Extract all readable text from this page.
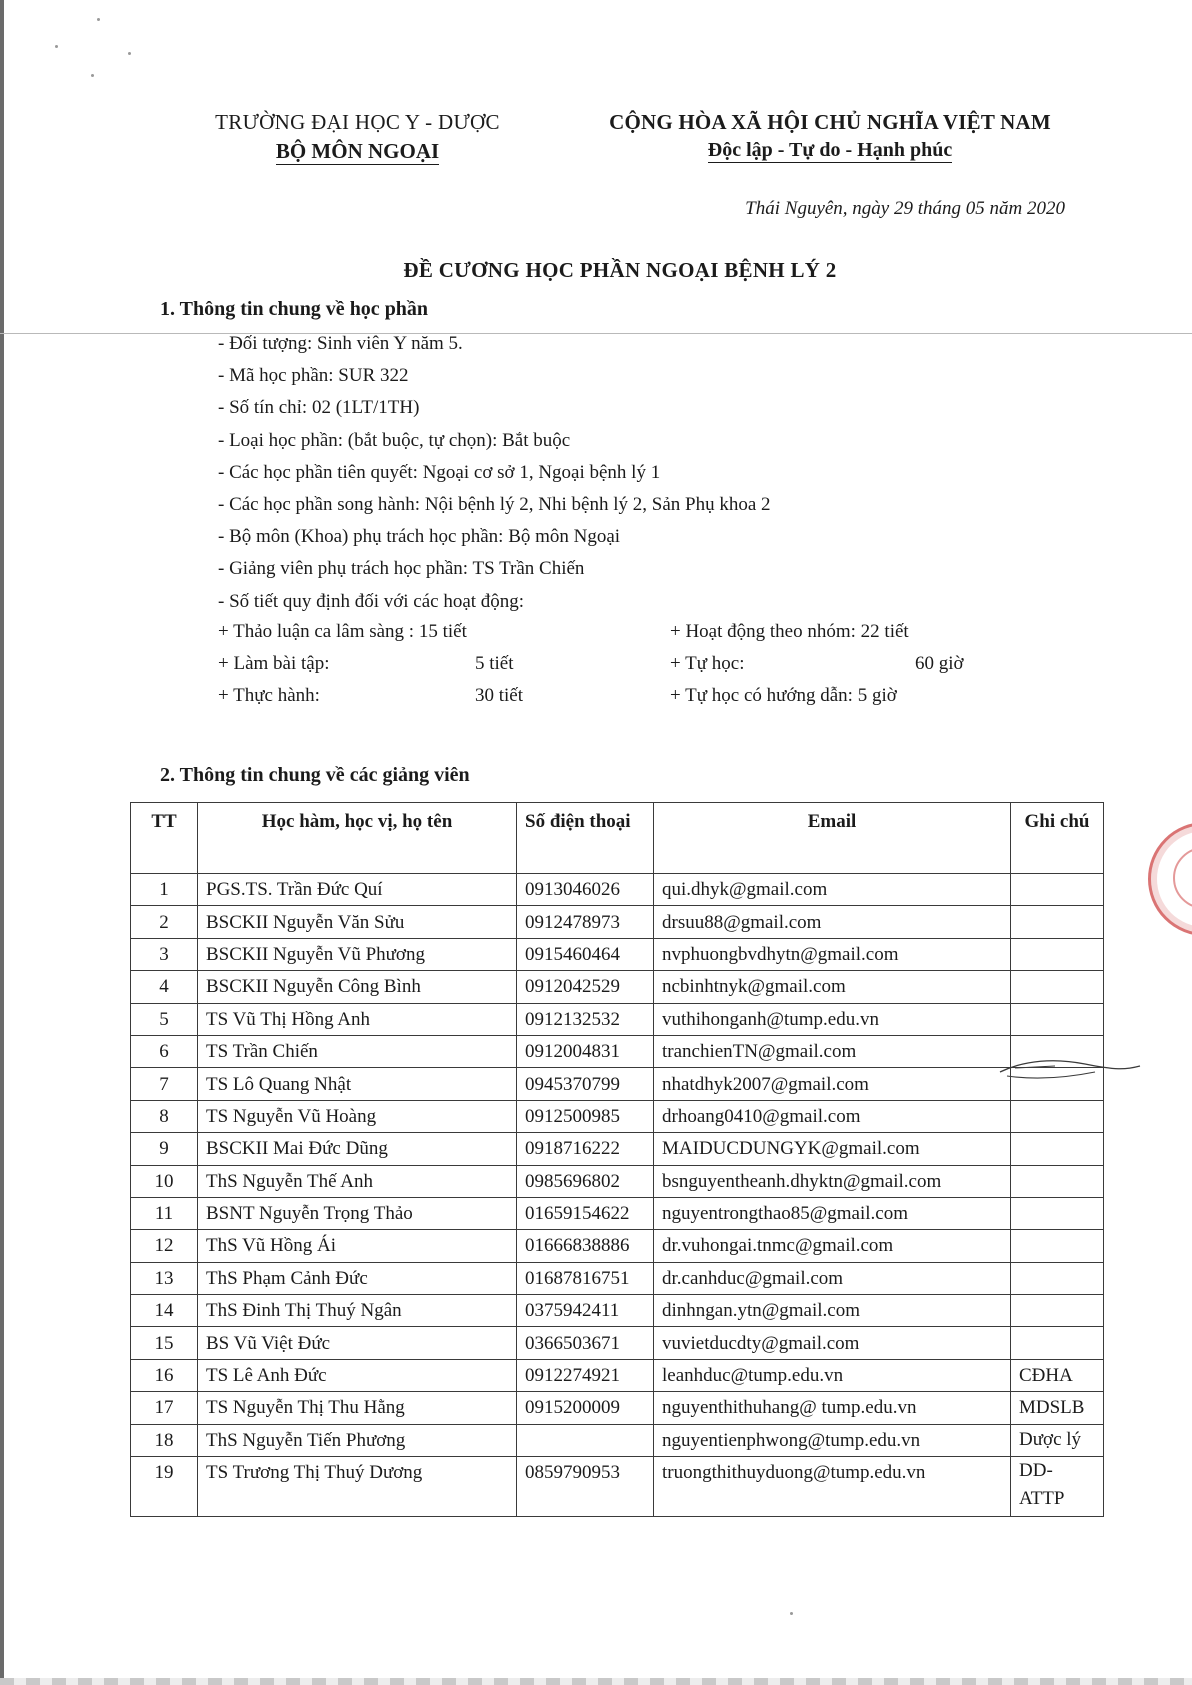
TRƯỜNG ĐẠI HỌC Y - DƯỢC
BỘ MÔN NGOẠI
CỘNG HÒA XÃ HỘI CHỦ NGHĨA VIỆT NAM
Độc lập - Tự do - Hạnh phúc
Thái Nguyên, ngày 29 tháng 05 năm 2020
ĐỀ CƯƠNG HỌC PHẦN NGOẠI BỆNH LÝ 2
1. Thông tin chung về học phần
- Đối tượng: Sinh viên Y năm 5.
- Mã học phần: SUR 322
- Số tín chỉ: 02 (1LT/1TH)
- Loại học phần: (bắt buộc, tự chọn): Bắt buộc
- Các học phần tiên quyết: Ngoại cơ sở 1, Ngoại bệnh lý 1
- Các học phần song hành: Nội bệnh lý 2, Nhi bệnh lý 2, Sản Phụ khoa 2
- Bộ môn (Khoa) phụ trách học phần: Bộ môn Ngoại
- Giảng viên phụ trách học phần: TS Trần Chiến
- Số tiết quy định đối với các hoạt động:
+ Thảo luận ca lâm sàng : 15 tiết	+ Hoạt động theo nhóm: 22 tiết
+ Làm bài tập:	5 tiết	+ Tự học:	60 giờ
+ Thực hành:	30 tiết	+ Tự học có hướng dẫn: 5 giờ
2. Thông tin chung về các giảng viên
TT	Học hàm, học vị, họ tên	Số điện thoại	Email	Ghi chú
1	PGS.TS. Trần Đức Quí	0913046026	qui.dhyk@gmail.com	
2	BSCKII Nguyễn Văn Sửu	0912478973	drsuu88@gmail.com	
3	BSCKII Nguyễn Vũ Phương	0915460464	nvphuongbvdhytn@gmail.com	
4	BSCKII Nguyễn Công Bình	0912042529	ncbinhtnyk@gmail.com	
5	TS Vũ Thị Hồng Anh	0912132532	vuthihonganh@tump.edu.vn	
6	TS Trần Chiến	0912004831	tranchienTN@gmail.com	
7	TS Lô Quang Nhật	0945370799	nhatdhyk2007@gmail.com	
8	TS Nguyễn Vũ Hoàng	0912500985	drhoang0410@gmail.com	
9	BSCKII Mai Đức Dũng	0918716222	MAIDUCDUNGYK@gmail.com	
10	ThS Nguyễn Thế Anh	0985696802	bsnguyentheanh.dhyktn@gmail.com	
11	BSNT Nguyễn Trọng Thảo	01659154622	nguyentrongthao85@gmail.com	
12	ThS Vũ Hồng Ái	01666838886	dr.vuhongai.tnmc@gmail.com	
13	ThS Phạm Cảnh Đức	01687816751	dr.canhduc@gmail.com	
14	ThS Đinh Thị Thuý Ngân	0375942411	dinhngan.ytn@gmail.com	
15	BS Vũ Việt Đức	0366503671	vuvietducdty@gmail.com	
16	TS Lê Anh Đức	0912274921	leanhduc@tump.edu.vn	CĐHA
17	TS Nguyễn Thị Thu Hằng	0915200009	nguyenthithuhang@ tump.edu.vn	MDSLB
18	ThS Nguyễn Tiến Phương		nguyentienphwong@tump.edu.vn	Dược lý
19	TS Trương Thị Thuý Dương	0859790953	truongthithuyduong@tump.edu.vn	DD-ATTP
